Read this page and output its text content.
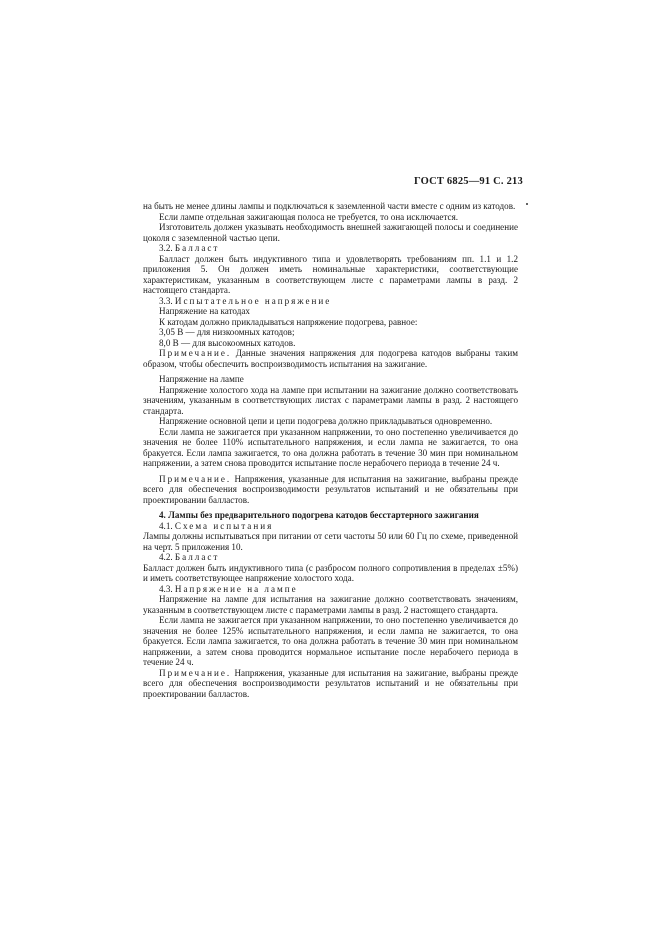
ГОСТ 6825—91 С. 213

на быть не менее длины лампы и подключаться к заземленной части вместе с одним из катодов.

Если лампе отдельная зажигающая полоса не требуется, то она исключается.

Изготовитель должен указывать необходимость внешней зажигающей полосы и соединение цоколя с заземленной частью цепи.

3.2. Балласт

Балласт должен быть индуктивного типа и удовлетворять требованиям пп. 1.1 и 1.2 приложения 5. Он должен иметь номинальные характеристики, соответствующие характеристикам, указанным в соответствующем листе с параметрами лампы в разд. 2 настоящего стандарта.

3.3. Испытательное напряжение

Напряжение на катодах

К катодам должно прикладываться напряжение подогрева, равное:

3,05 В — для низкоомных катодов;

8,0 В — для высокоомных катодов.

Примечание. Данные значения напряжения для подогрева катодов выбраны таким образом, чтобы обеспечить воспроизводимость испытания на зажигание.

Напряжение на лампе

Напряжение холостого хода на лампе при испытании на зажигание должно соответствовать значениям, указанным в соответствующих листах с параметрами лампы в разд. 2 настоящего стандарта.

Напряжение основной цепи и цепи подогрева должно прикладываться одновременно.

Если лампа не зажигается при указанном напряжении, то оно постепенно увеличивается до значения не более 110% испытательного напряжения, и если лампа не зажигается, то она бракуется. Если лампа зажигается, то она должна работать в течение 30 мин при номинальном напряжении, а затем снова проводится испытание после нерабочего периода в течение 24 ч.

Примечание. Напряжения, указанные для испытания на зажигание, выбраны прежде всего для обеспечения воспроизводимости результатов испытаний и не обязательны при проектировании балластов.

4. Лампы без предварительного подогрева катодов бесстартерного зажигания

4.1. Схема испытания

Лампы должны испытываться при питании от сети частоты 50 или 60 Гц по схеме, приведенной на черт. 5 приложения 10.

4.2. Балласт

Балласт должен быть индуктивного типа (с разбросом полного сопротивления в пределах ±5%) и иметь соответствующее напряжение холостого хода.

4.3. Напряжение на лампе

Напряжение на лампе для испытания на зажигание должно соответствовать значениям, указанным в соответствующем листе с параметрами лампы в разд. 2 настоящего стандарта.

Если лампа не зажигается при указанном напряжении, то оно постепенно увеличивается до значения не более 125% испытательного напряжения, и если лампа не зажигается, то она бракуется. Если лампа зажигается, то она должна работать в течение 30 мин при номинальном напряжении, а затем снова проводится нормальное испытание после нерабочего периода в течение 24 ч.

Примечание. Напряжения, указанные для испытания на зажигание, выбраны прежде всего для обеспечения воспроизводимости результатов испытаний и не обязательны при проектировании балластов.
